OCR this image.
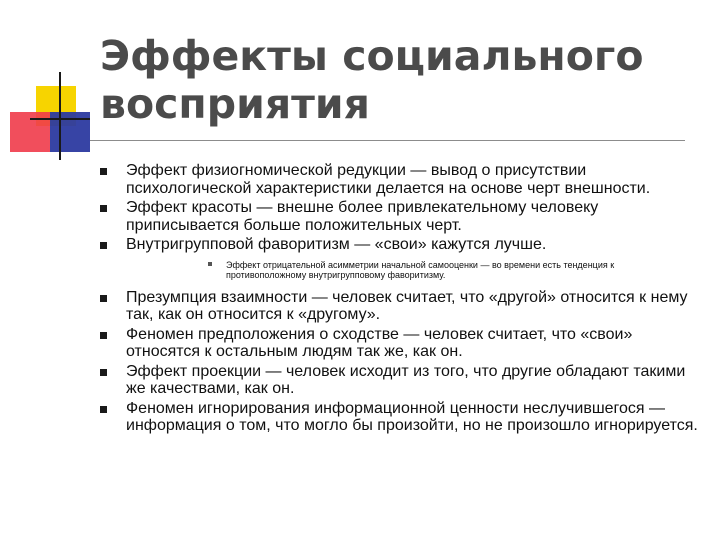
Эффекты социального восприятия
Эффект физиогномической редукции — вывод о присутствии психологической характеристики делается на основе черт внешности.
Эффект красоты — внешне более привлекательному человеку приписывается больше положительных черт.
Внутригрупповой фаворитизм — «свои» кажутся лучше.
Эффект отрицательной асимметрии начальной самооценки — во времени есть тенденция к противоположному внутригрупповому фаворитизму.
Презумпция взаимности — человек считает, что «другой» относится к нему так, как он относится к «другому».
Феномен предположения о сходстве — человек считает, что «свои» относятся к остальным людям так же, как он.
Эффект проекции — человек исходит из того, что другие обладают такими же качествами, как он.
Феномен игнорирования информационной ценности неслучившегося — информация о том, что могло бы произойти, но не произошло игнорируется.
